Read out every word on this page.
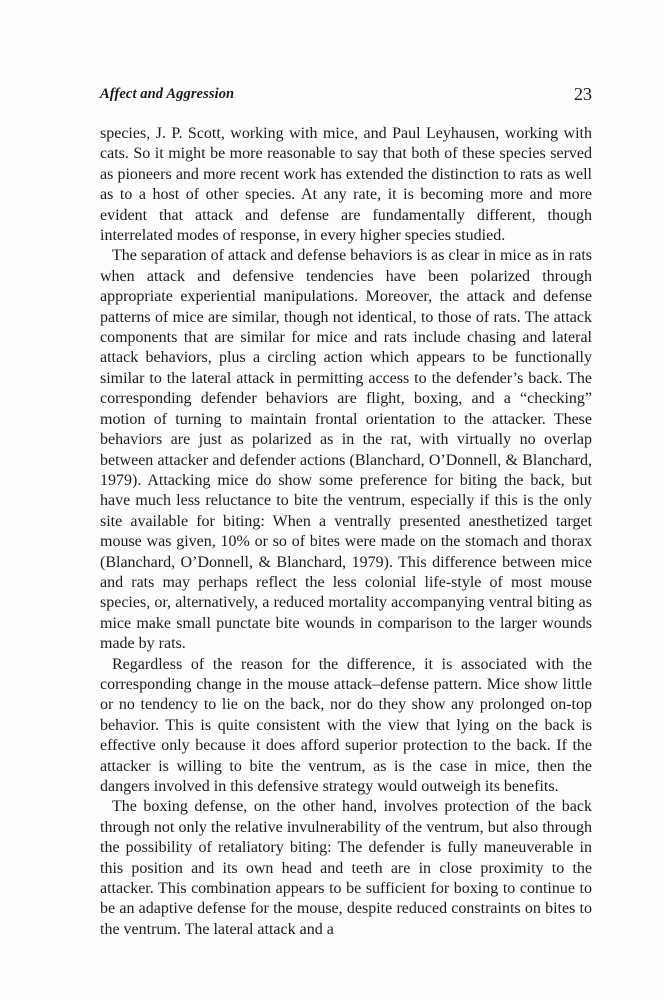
Affect and Aggression	23

species, J. P. Scott, working with mice, and Paul Leyhausen, working with cats. So it might be more reasonable to say that both of these species served as pioneers and more recent work has extended the distinction to rats as well as to a host of other species. At any rate, it is becoming more and more evident that attack and defense are fundamentally different, though interrelated modes of response, in every higher species studied.

The separation of attack and defense behaviors is as clear in mice as in rats when attack and defensive tendencies have been polarized through appropriate experiential manipulations. Moreover, the attack and defense patterns of mice are similar, though not identical, to those of rats. The attack components that are similar for mice and rats include chasing and lateral attack behaviors, plus a circling action which appears to be functionally similar to the lateral attack in permitting access to the defender’s back. The corresponding defender behaviors are flight, boxing, and a “checking” motion of turning to maintain frontal orientation to the attacker. These behaviors are just as polarized as in the rat, with virtually no overlap between attacker and defender actions (Blanchard, O’Donnell, & Blanchard, 1979). Attacking mice do show some preference for biting the back, but have much less reluctance to bite the ventrum, especially if this is the only site available for biting: When a ventrally presented anesthetized target mouse was given, 10% or so of bites were made on the stomach and thorax (Blanchard, O’Donnell, & Blanchard, 1979). This difference between mice and rats may perhaps reflect the less colonial life-style of most mouse species, or, alternatively, a reduced mortality accompanying ventral biting as mice make small punctate bite wounds in comparison to the larger wounds made by rats.

Regardless of the reason for the difference, it is associated with the corresponding change in the mouse attack–defense pattern. Mice show little or no tendency to lie on the back, nor do they show any prolonged on-top behavior. This is quite consistent with the view that lying on the back is effective only because it does afford superior protection to the back. If the attacker is willing to bite the ventrum, as is the case in mice, then the dangers involved in this defensive strategy would outweigh its benefits.

The boxing defense, on the other hand, involves protection of the back through not only the relative invulnerability of the ventrum, but also through the possibility of retaliatory biting: The defender is fully maneuverable in this position and its own head and teeth are in close proximity to the attacker. This combination appears to be sufficient for boxing to continue to be an adaptive defense for the mouse, despite reduced constraints on bites to the ventrum. The lateral attack and a
